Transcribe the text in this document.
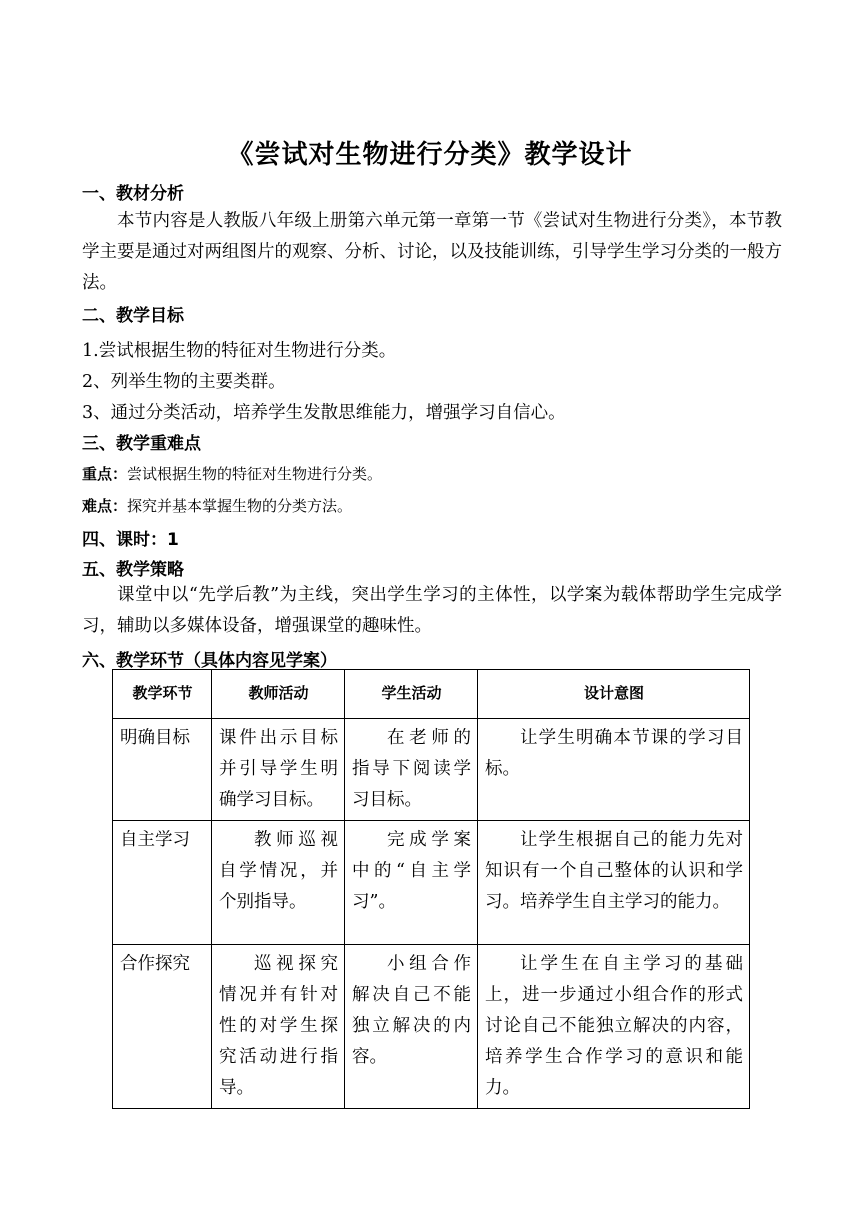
《尝试对生物进行分类》教学设计
一、教材分析
本节内容是人教版八年级上册第六单元第一章第一节《尝试对生物进行分类》，本节教学主要是通过对两组图片的观察、分析、讨论，以及技能训练，引导学生学习分类的一般方法。
二、教学目标
1.尝试根据生物的特征对生物进行分类。
2、列举生物的主要类群。
3、通过分类活动，培养学生发散思维能力，增强学习自信心。
三、教学重难点
重点：尝试根据生物的特征对生物进行分类。
难点：探究并基本掌握生物的分类方法。
四、课时：1
五、教学策略
课堂中以“先学后教”为主线，突出学生学习的主体性，以学案为载体帮助学生完成学习，辅助以多媒体设备，增强课堂的趣味性。
六、教学环节（具体内容见学案）
教学环节	教师活动	学生活动	设计意图
明确目标	课件出示目标并引导学生明确学习目标。	在老师的指导下阅读学习目标。	让学生明确本节课的学习目标。
自主学习	教师巡视自学情况，并个别指导。	完成学案中的“自主学习”。	让学生根据自己的能力先对知识有一个自己整体的认识和学习。培养学生自主学习的能力。
合作探究	巡视探究情况并有针对性的对学生探究活动进行指导。	小组合作解决自己不能独立解决的内容。	让学生在自主学习的基础上，进一步通过小组合作的形式讨论自己不能独立解决的内容，培养学生合作学习的意识和能力。
